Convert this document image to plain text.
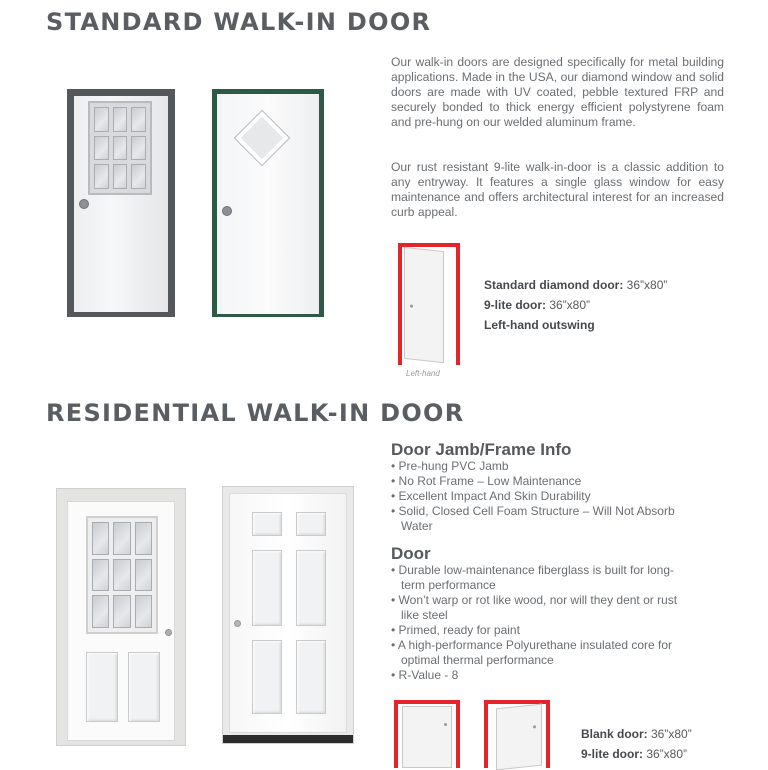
STANDARD WALK-IN DOOR

Our walk-in doors are designed specifically for metal building applications. Made in the USA, our diamond window and solid doors are made with UV coated, pebble textured FRP and securely bonded to thick energy efficient polystyrene foam and pre-hung on our welded aluminum frame.

Our rust resistant 9-lite walk-in-door is a classic addition to any entryway. It features a single glass window for easy maintenance and offers architectural interest for an increased curb appeal.

Left-hand
Standard diamond door: 36”x80”
9-lite door: 36”x80”
Left-hand outswing
RESIDENTIAL WALK-IN DOOR
Door Jamb/Frame Info
• Pre-hung PVC Jamb
• No Rot Frame – Low Maintenance
• Excellent Impact And Skin Durability
• Solid, Closed Cell Foam Structure – Will Not Absorb Water
Door
• Durable low-maintenance fiberglass is built for long-term performance
• Won’t warp or rot like wood, nor will they dent or rust like steel
• Primed, ready for paint
• A high-performance Polyurethane insulated core for optimal thermal performance
• R-Value - 8
Blank door: 36”x80”
9-lite door: 36”x80”
